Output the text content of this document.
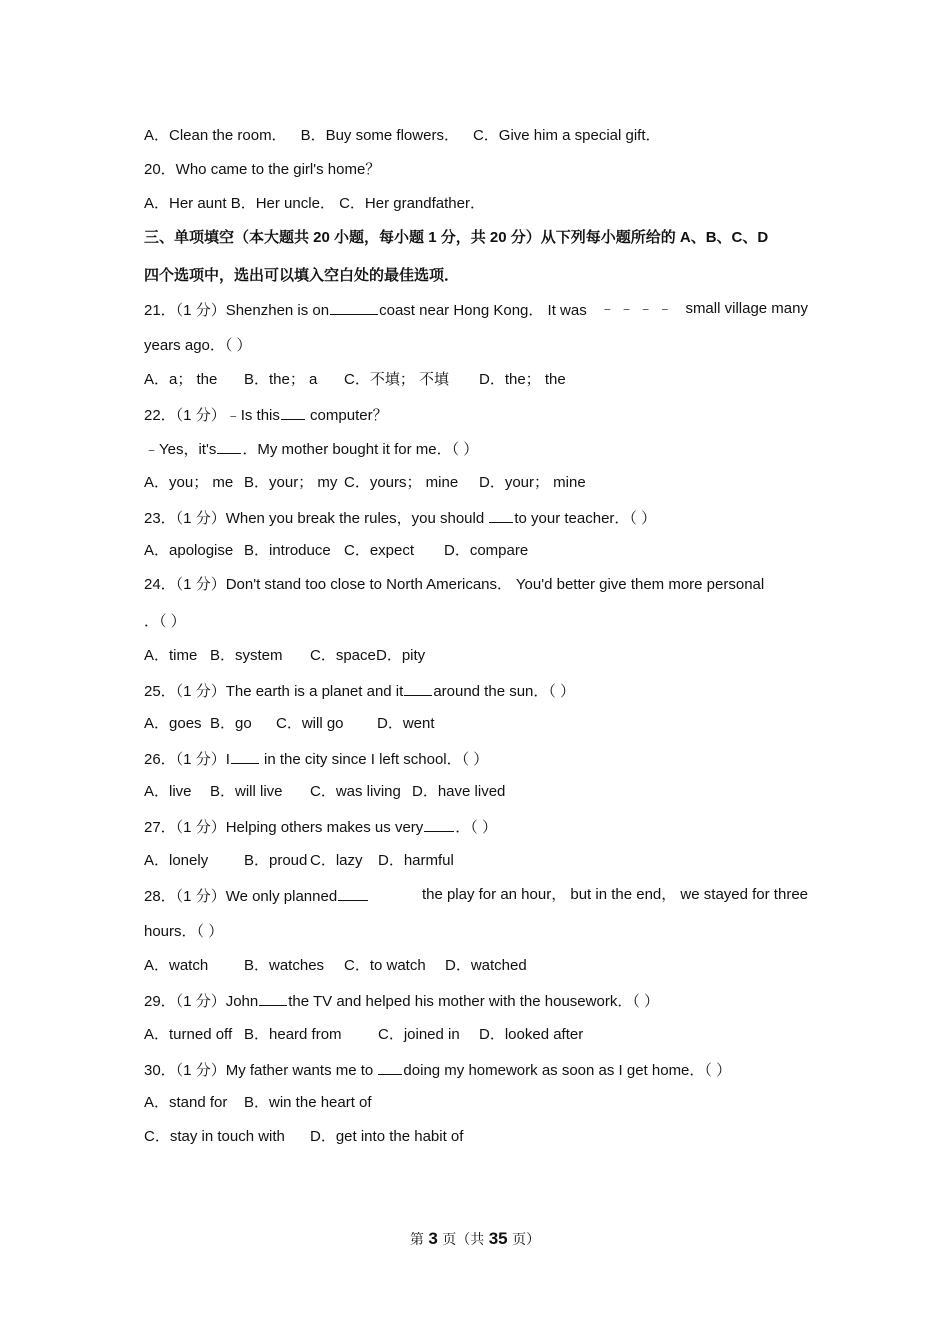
A．Clean the room． B．Buy some flowers． C．Give him a special gift．
20．Who came to the girl's home？
A．Her aunt B．Her uncle． C．Her grandfather．
三、单项填空（本大题共 20 小题，每小题 1 分，共 20 分）从下列每小题所给的 A、B、C、D
四个选项中，选出可以填入空白处的最佳选项．
21．（1 分）Shenzhen is on	coast near Hong Kong． It was ﹣ ﹣ ﹣ ﹣ small village many
years ago．（ ）
A．a； the B．the； a C．不填； 不填 D．the； the
22．（1 分）﹣Is this computer？
﹣Yes，it's ．My mother bought it for me．（ ）
A．you； me B．your； my C．yours； mine D．your； mine
23．（1 分）When you break the rules，you should to your teacher．（ ）
A．apologise B．introduce C．expect D．compare
24．（1 分）Don't stand too close to North Americans． You'd better give them more personal
．（ ）
A．time B．system C．space D．pity
25．（1 分）The earth is a planet and it around the sun．（ ）
A．goes B．go C．will go D．went
26．（1 分）I in the city since I left school．（ ）
A．live B．will live C．was living D．have lived
27．（1 分）Helping others makes us very ．（ ）
A．lonely B．proud C．lazy D．harmful
28．（1 分）We only planned	the play for an hour， but in the end， we stayed for three
hours．（ ）
A．watch B．watches C．to watch D．watched
29．（1 分）John the TV and helped his mother with the housework．（ ）
A．turned off B．heard from C．joined in D．looked after
30．（1 分）My father wants me to doing my homework as soon as I get home．（ ）
A．stand for B．win the heart of
C．stay in touch with D．get into the habit of
第 3 页（共 35 页）
